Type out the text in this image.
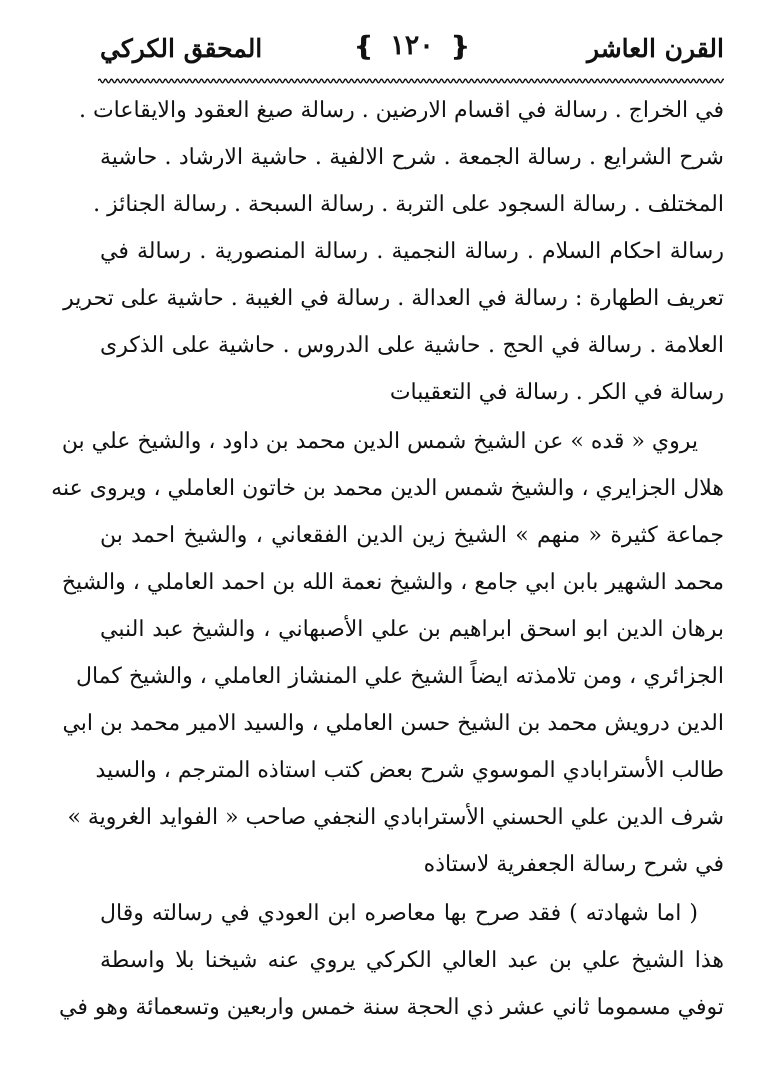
القرن العاشر
❴ ١٢٠ ❵
المحقق الكركي
في الخراج . رسالة في اقسام الارضين . رسالة صيغ العقود والايقاعات .
شرح الشرايع . رسالة الجمعة . شرح الالفية . حاشية الارشاد . حاشية
المختلف . رسالة السجود على التربة . رسالة السبحة . رسالة الجنائز .
رسالة احكام السلام . رسالة النجمية . رسالة المنصورية . رسالة في
تعريف الطهارة : رسالة في العدالة . رسالة في الغيبة . حاشية على تحرير
العلامة . رسالة في الحج . حاشية على الدروس . حاشية على الذكرى
رسالة في الكر . رسالة في التعقيبات
يروي « قده » عن الشيخ شمس الدين محمد بن داود ، والشيخ علي بن
هلال الجزايري ، والشيخ شمس الدين محمد بن خاتون العاملي ، ويروى عنه
جماعة كثيرة « منهم » الشيخ زين الدين الفقعاني ، والشيخ احمد بن
محمد الشهير بابن ابي جامع ، والشيخ نعمة الله بن احمد العاملي ، والشيخ
برهان الدين ابو اسحق ابراهيم بن علي الأصبهاني ، والشيخ عبد النبي
الجزائري ، ومن تلامذته ايضاً الشيخ علي المنشاز العاملي ، والشيخ كمال
الدين درويش محمد بن الشيخ حسن العاملي ، والسيد الامير محمد بن ابي
طالب الأسترابادي الموسوي شرح بعض كتب استاذه المترجم ، والسيد
شرف الدين علي الحسني الأسترابادي النجفي صاحب « الفوايد الغروية »
في شرح رسالة الجعفرية لاستاذه
( اما شهادته ) فقد صرح بها معاصره ابن العودي في رسالته وقال
هذا الشيخ علي بن عبد العالي الكركي يروي عنه شيخنا بلا واسطة
توفي مسموما ثاني عشر ذي الحجة سنة خمس واربعين وتسعمائة وهو في
